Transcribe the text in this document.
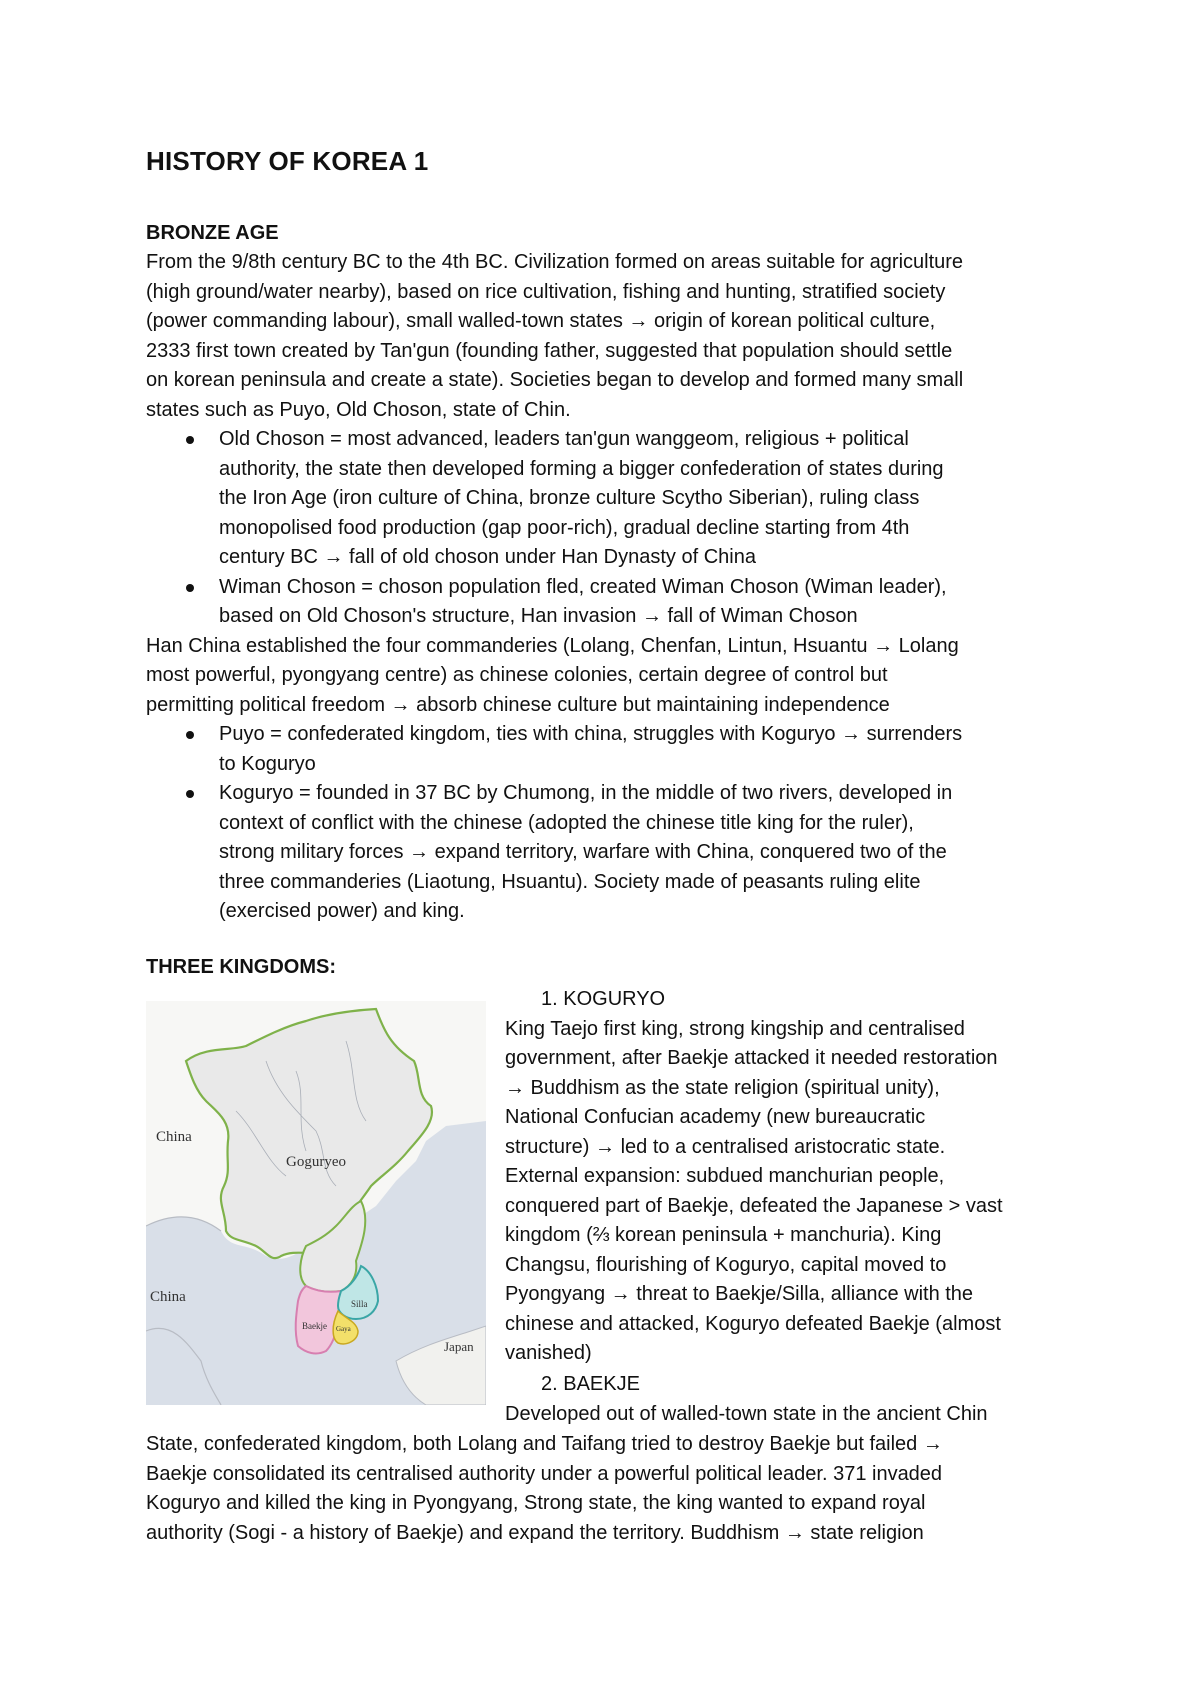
HISTORY OF KOREA 1
BRONZE AGE

From the 9/8th century BC to the 4th BC. Civilization formed on areas suitable for agriculture
(high ground/water nearby), based on rice cultivation, fishing and hunting, stratified society
(power commanding labour), small walled-town states → origin of korean political culture,
2333 first town created by Tan'gun (founding father, suggested that population should settle
on korean peninsula and create a state). Societies began to develop and formed many small
states such as Puyo, Old Choson, state of Chin.

Old Choson = most advanced, leaders tan'gun wanggeom, religious + political
authority, the state then developed forming a bigger confederation of states during
the Iron Age (iron culture of China, bronze culture Scytho Siberian), ruling class
monopolised food production (gap poor-rich), gradual decline starting from 4th
century BC → fall of old choson under Han Dynasty of China
Wiman Choson = choson population fled, created Wiman Choson (Wiman leader),
based on Old Choson's structure, Han invasion → fall of Wiman Choson

Han China established the four commanderies (Lolang, Chenfan, Lintun, Hsuantu → Lolang
most powerful, pyongyang centre) as chinese colonies, certain degree of control but
permitting political freedom → absorb chinese culture but maintaining independence

Puyo = confederated kingdom, ties with china, struggles with Koguryo → surrenders
to Koguryo
Koguryo = founded in 37 BC by Chumong, in the middle of two rivers, developed in
context of conflict with the chinese (adopted the chinese title king for the ruler),
strong military forces → expand territory, warfare with China, conquered two of the
three commanderies (Liaotung, Hsuantu). Society made of peasants ruling elite
(exercised power) and king.
THREE KINGDOMS:
China
Goguryeo
China
Baekje
Silla
Gaya
Japan

1. KOGURYO

King Taejo first king, strong kingship and centralised
government, after Baekje attacked it needed restoration
→ Buddhism as the state religion (spiritual unity),
National Confucian academy (new bureaucratic
structure) → led to a centralised aristocratic state.
External expansion: subdued manchurian people,
conquered part of Baekje, defeated the Japanese > vast
kingdom (⅔ korean peninsula + manchuria). King
Changsu, flourishing of Koguryo, capital moved to
Pyongyang → threat to Baekje/Silla, alliance with the
chinese and attacked, Koguryo defeated Baekje (almost
vanished)

2. BAEKJE

Developed out of walled-town state in the ancient Chin

State, confederated kingdom, both Lolang and Taifang tried to destroy Baekje but failed →
Baekje consolidated its centralised authority under a powerful political leader. 371 invaded
Koguryo and killed the king in Pyongyang, Strong state, the king wanted to expand royal
authority (Sogi - a history of Baekje) and expand the territory. Buddhism → state religion
